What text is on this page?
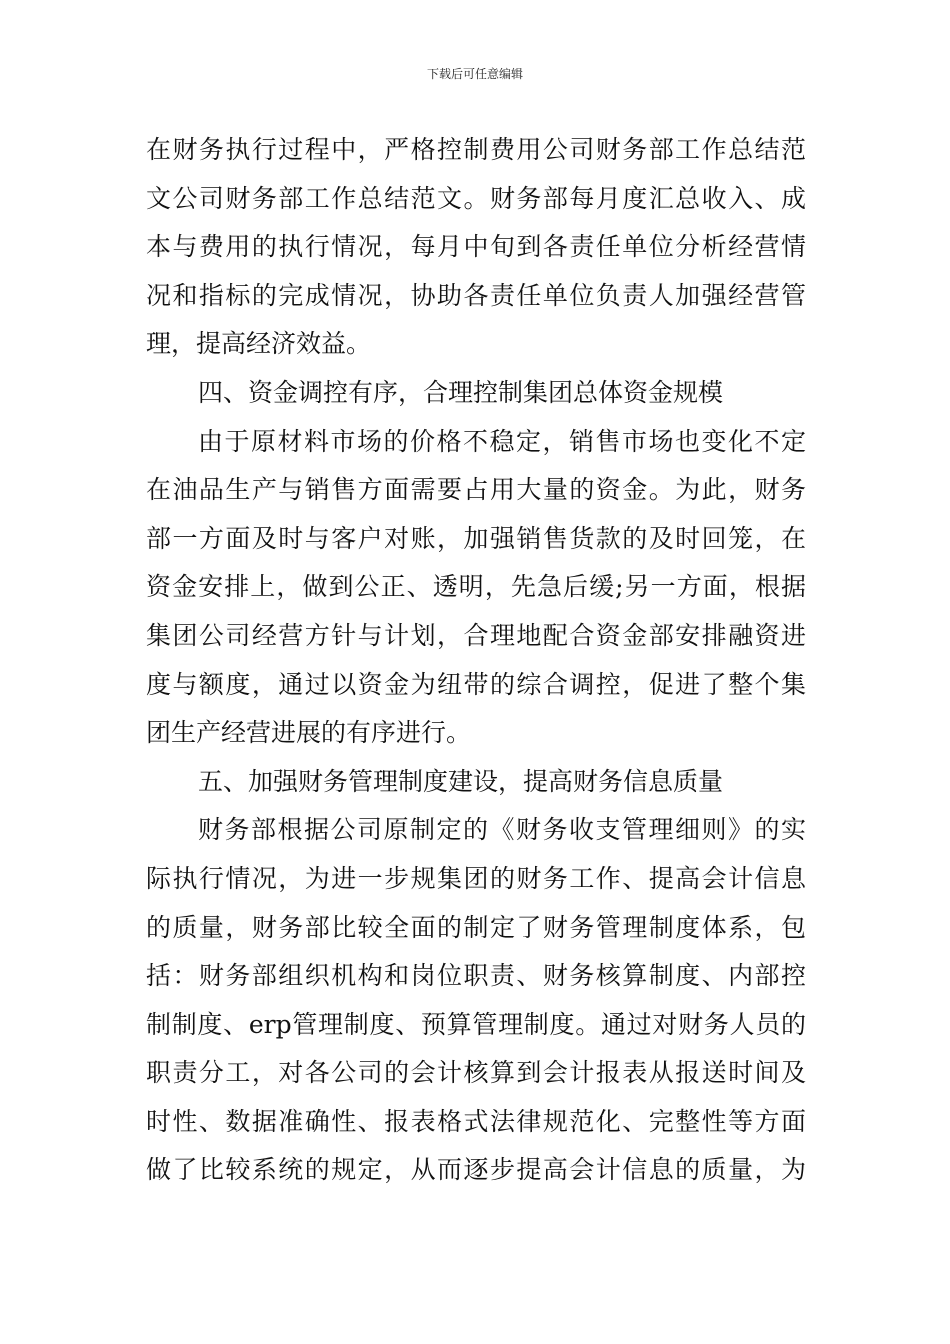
下载后可任意编辑
在财务执行过程中，严格控制费用公司财务部工作总结范
文公司财务部工作总结范文。财务部每月度汇总收入、成
本与费用的执行情况，每月中旬到各责任单位分析经营情
况和指标的完成情况，协助各责任单位负责人加强经营管
理，提高经济效益。
四、资金调控有序，合理控制集团总体资金规模
由于原材料市场的价格不稳定，销售市场也变化不定
在油品生产与销售方面需要占用大量的资金。为此，财务
部一方面及时与客户对账，加强销售货款的及时回笼，在
资金安排上，做到公正、透明，先急后缓;另一方面，根据
集团公司经营方针与计划，合理地配合资金部安排融资进
度与额度，通过以资金为纽带的综合调控，促进了整个集
团生产经营进展的有序进行。
五、加强财务管理制度建设，提高财务信息质量
财务部根据公司原制定的《财务收支管理细则》的实
际执行情况，为进一步规集团的财务工作、提高会计信息
的质量，财务部比较全面的制定了财务管理制度体系，包
括：财务部组织机构和岗位职责、财务核算制度、内部控
制制度、erp管理制度、预算管理制度。通过对财务人员的
职责分工，对各公司的会计核算到会计报表从报送时间及
时性、数据准确性、报表格式法律规范化、完整性等方面
做了比较系统的规定，从而逐步提高会计信息的质量，为
